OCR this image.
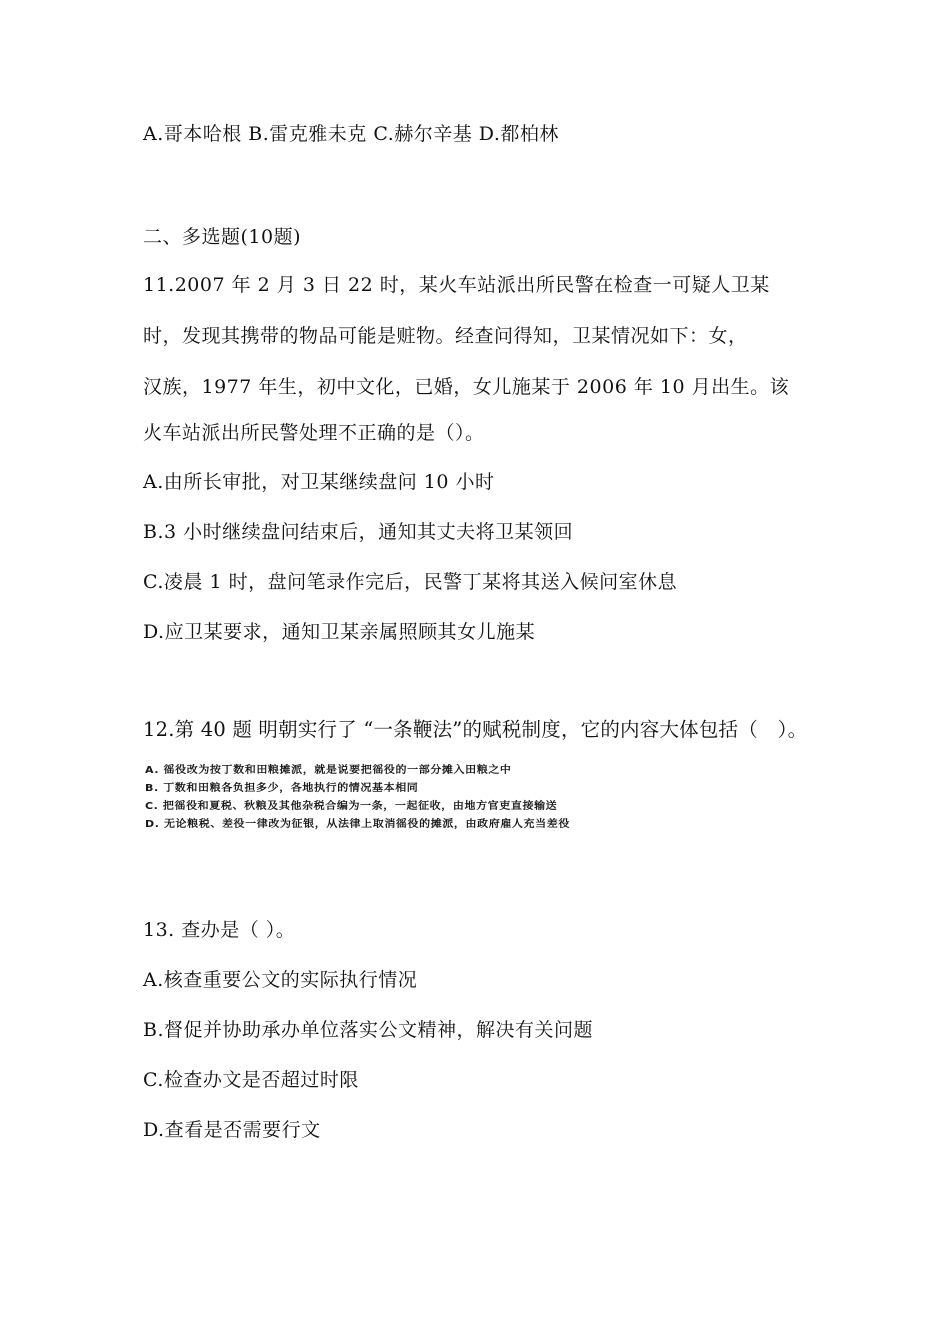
A.哥本哈根 B.雷克雅未克 C.赫尔辛基 D.都柏林
二、多选题(10题)
11.2007 年 2 月 3 日 22 时，某火车站派出所民警在检查一可疑人卫某
时，发现其携带的物品可能是赃物。经查问得知，卫某情况如下：女，
汉族，1977 年生，初中文化，已婚，女儿施某于 2006 年 10 月出生。该
火车站派出所民警处理不正确的是（）。
A.由所长审批，对卫某继续盘问 10 小时
B.3 小时继续盘问结束后，通知其丈夫将卫某领回
C.凌晨 1 时，盘问笔录作完后，民警丁某将其送入候问室休息
D.应卫某要求，通知卫某亲属照顾其女儿施某
12.第 40 题 明朝实行了 “一条鞭法”的赋税制度，它的内容大体包括（　）。
A. 徭役改为按丁数和田粮摊派，就是说要把徭役的一部分摊入田粮之中
B. 丁数和田粮各负担多少，各地执行的情况基本相同
C. 把徭役和夏税、秋粮及其他杂税合编为一条，一起征收，由地方官吏直接输送
D. 无论粮税、差役一律改为征银，从法律上取消徭役的摊派，由政府雇人充当差役
13. 查办是（ ）。
A.核查重要公文的实际执行情况
B.督促并协助承办单位落实公文精神，解决有关问题
C.检查办文是否超过时限
D.查看是否需要行文
